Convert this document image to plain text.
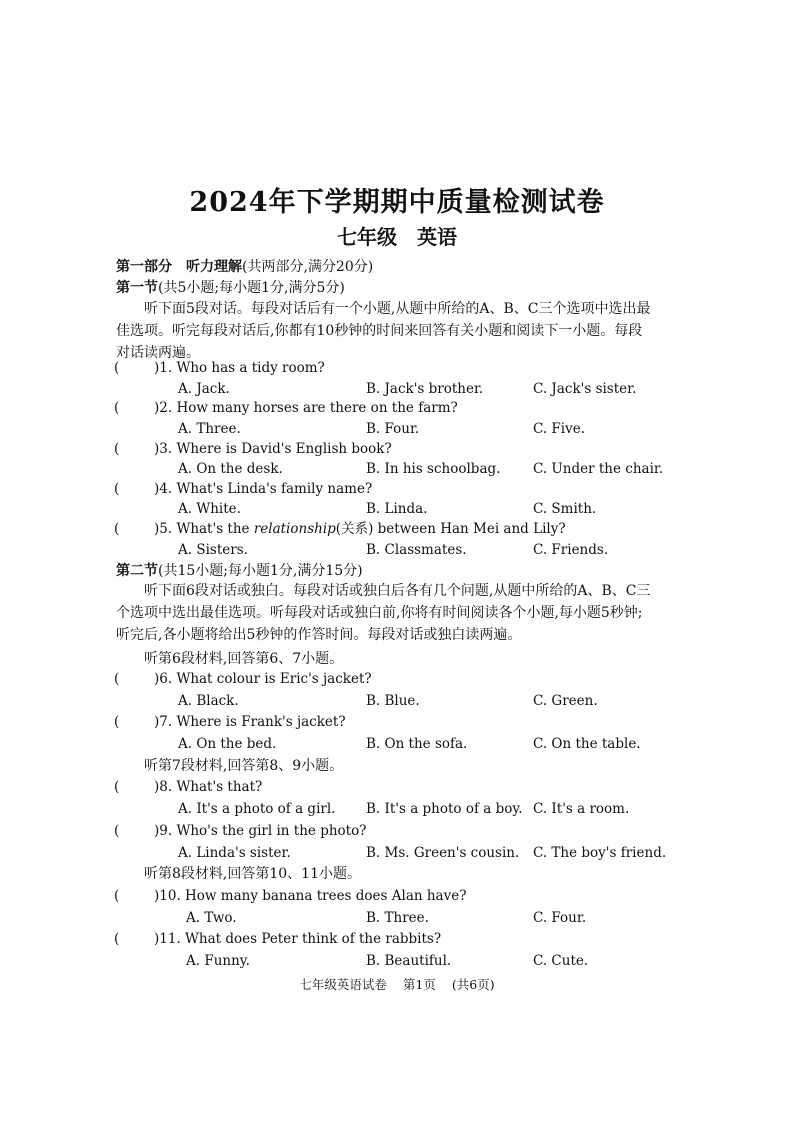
2024年下学期期中质量检测试卷
七年级　英语
第一部分　听力理解(共两部分,满分20分)
第一节(共5小题;每小题1分,满分5分)
听下面5段对话。每段对话后有一个小题,从题中所给的A、B、C三个选项中选出最佳选项。听完每段对话后,你都有10秒钟的时间来回答有关小题和阅读下一小题。每段对话读两遍。
(	)1. Who has a tidy room?
A. Jack.	B. Jack's brother.	C. Jack's sister.
(	)2. How many horses are there on the farm?
A. Three.	B. Four.	C. Five.
(	)3. Where is David's English book?
A. On the desk.	B. In his schoolbag. C. Under the chair.
(	)4. What's Linda's family name?
A. White.	B. Linda.	C. Smith.
(	)5. What's the relationship(关系) between Han Mei and Lily?
A. Sisters.	B. Classmates.	C. Friends.
第二节(共15小题;每小题1分,满分15分)
听下面6段对话或独白。每段对话或独白后各有几个问题,从题中所给的A、B、C三个选项中选出最佳选项。听每段对话或独白前,你将有时间阅读各个小题,每小题5秒钟;听完后,各小题将给出5秒钟的作答时间。每段对话或独白读两遍。
听第6段材料,回答第6、7小题。
(	)6. What colour is Eric's jacket?
A. Black.	B. Blue.	C. Green.
(	)7. Where is Frank's jacket?
A. On the bed.	B. On the sofa.	C. On the table.
听第7段材料,回答第8、9小题。
(	)8. What's that?
A. It's a photo of a girl. B. It's a photo of a boy. C. It's a room.
(	)9. Who's the girl in the photo?
A. Linda's sister.	B. Ms. Green's cousin. C. The boy's friend.
听第8段材料,回答第10、11小题。
(	)10. How many banana trees does Alan have?
A. Two.	B. Three.	C. Four.
(	)11. What does Peter think of the rabbits?
A. Funny.	B. Beautiful.	C. Cute.
七年级英语试卷 第1页 (共6页)
